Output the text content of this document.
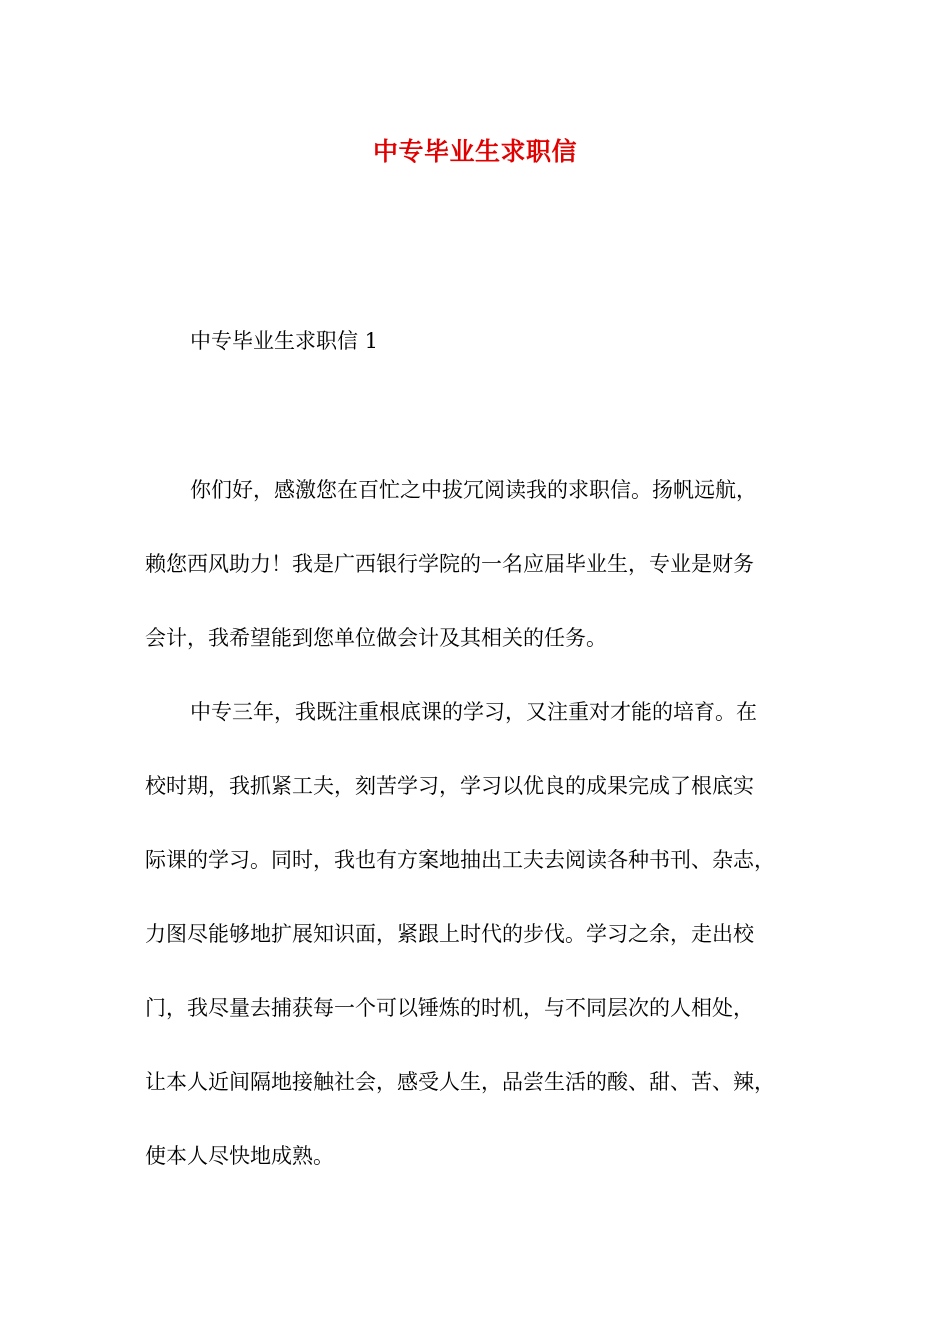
中专毕业生求职信
中专毕业生求职信 1
你们好，感激您在百忙之中拔冗阅读我的求职信。扬帆远航，
赖您西风助力！我是广西银行学院的一名应届毕业生，专业是财务
会计，我希望能到您单位做会计及其相关的任务。
中专三年，我既注重根底课的学习，又注重对才能的培育。在
校时期，我抓紧工夫，刻苦学习，学习以优良的成果完成了根底实
际课的学习。同时，我也有方案地抽出工夫去阅读各种书刊、杂志，
力图尽能够地扩展知识面，紧跟上时代的步伐。学习之余，走出校
门，我尽量去捕获每一个可以锤炼的时机，与不同层次的人相处，
让本人近间隔地接触社会，感受人生，品尝生活的酸、甜、苦、辣，
使本人尽快地成熟。
